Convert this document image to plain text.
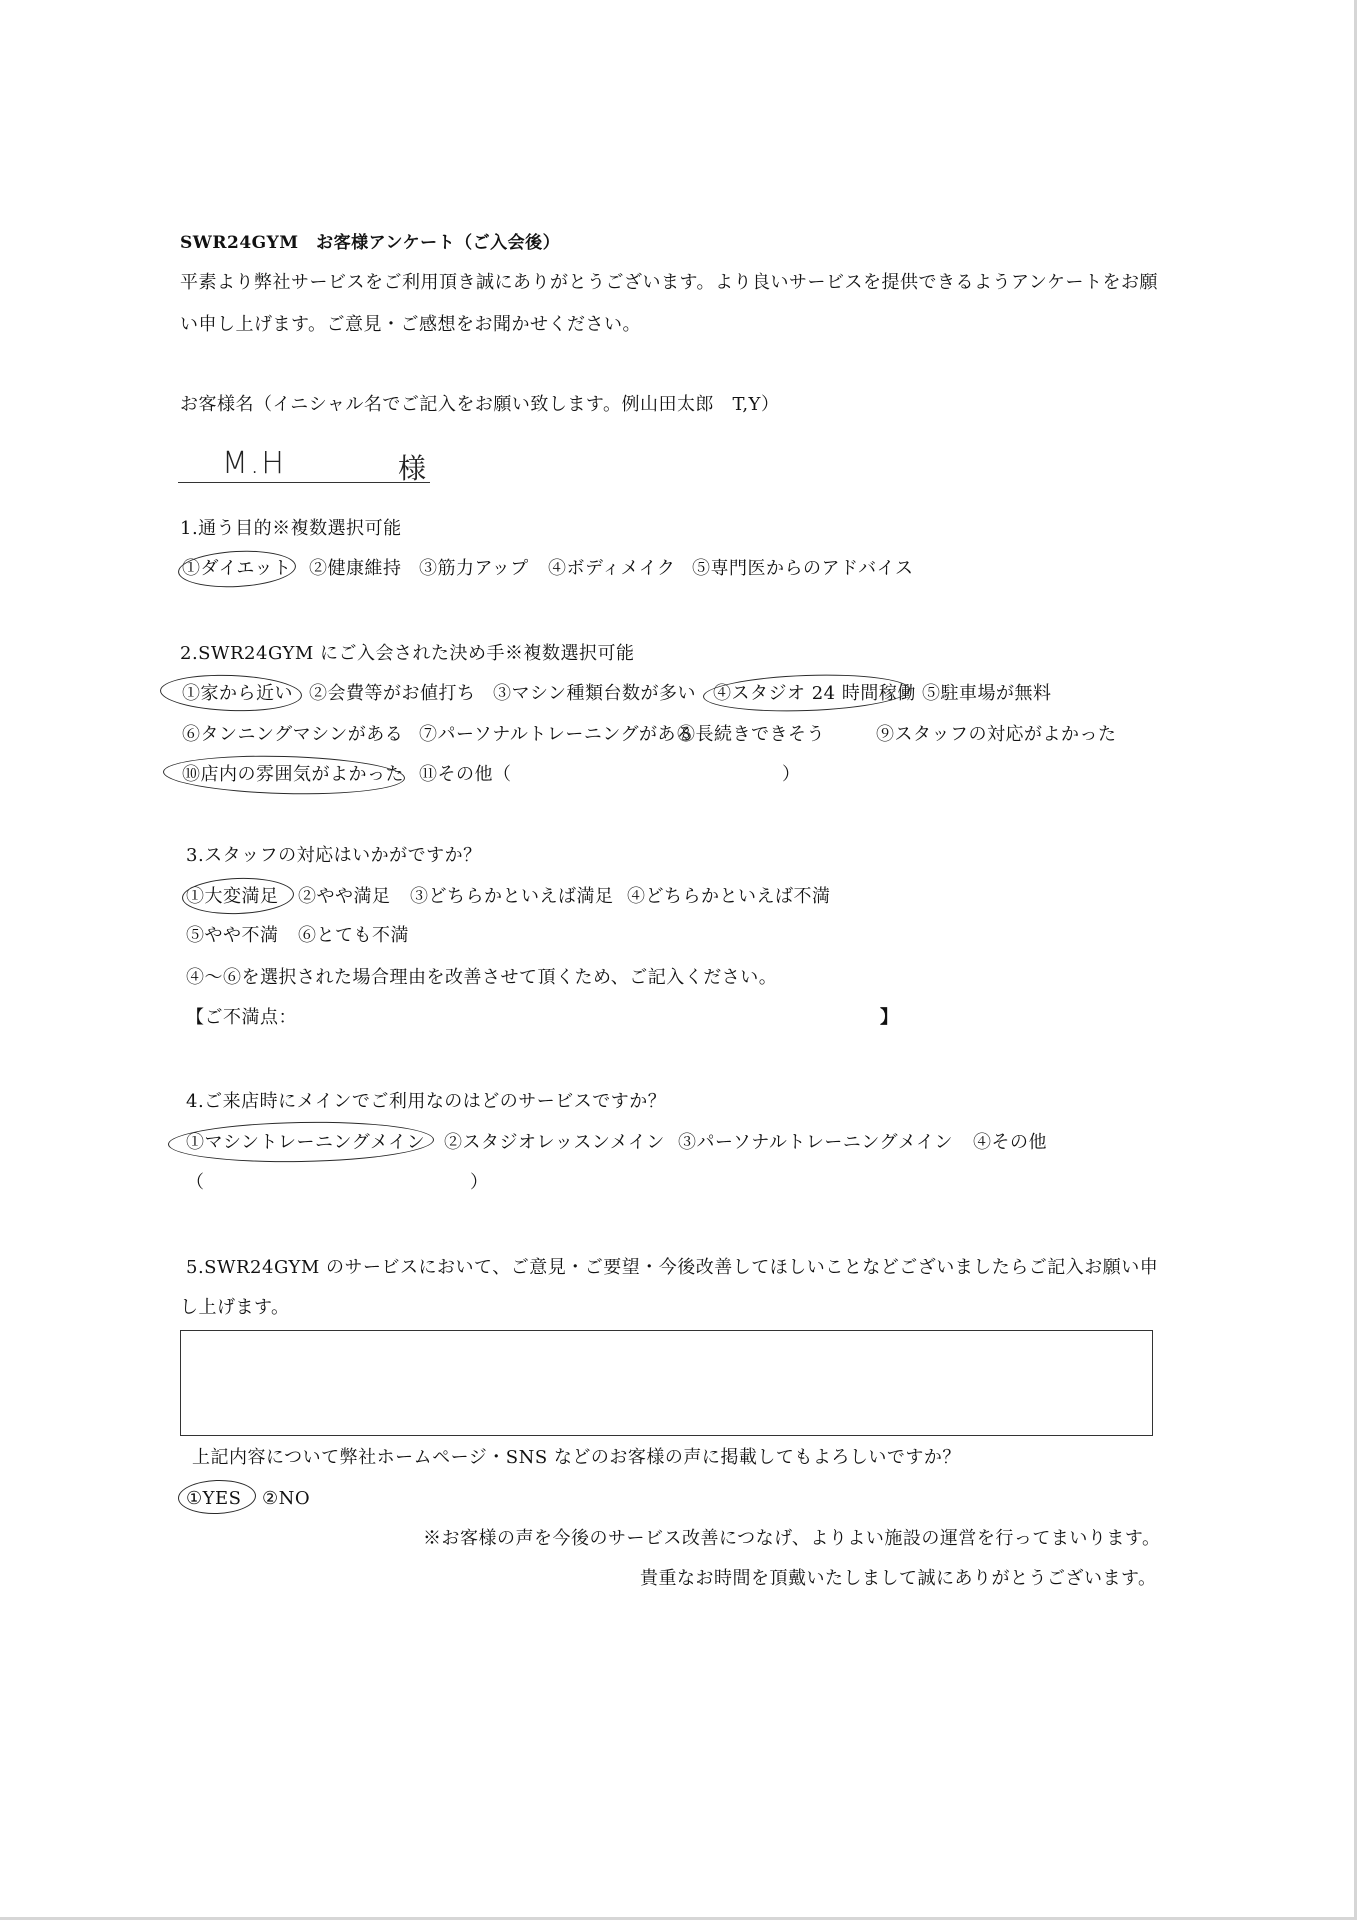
SWR24GYM　お客様アンケート（ご入会後）
平素より弊社サービスをご利用頂き誠にありがとうございます。より良いサービスを提供できるようアンケートをお願
い申し上げます。ご意見・ご感想をお聞かせください。
お客様名（イニシャル名でご記入をお願い致します。例山田太郎　T,Y）
M.H	様
1.通う目的※複数選択可能
①ダイエット ②健康維持 ③筋力アップ ④ボディメイク ⑤専門医からのアドバイス
2.SWR24GYM にご入会された決め手※複数選択可能
①家から近い ②会費等がお値打ち ③マシン種類台数が多い ④スタジオ 24 時間稼働 ⑤駐車場が無料
⑥タンニングマシンがある ⑦パーソナルトレーニングがある
⑧長続きできそう	⑨スタッフの対応がよかった
⑩店内の雰囲気がよかった ⑪その他（	）
3.スタッフの対応はいかがですか？
①大変満足 ②やや満足 ③どちらかといえば満足 ④どちらかといえば不満
⑤やや不満 ⑥とても不満
④～⑥を選択された場合理由を改善させて頂くため、ご記入ください。
【ご不満点：	】
4.ご来店時にメインでご利用なのはどのサービスですか？
①マシントレーニングメイン ②スタジオレッスンメイン ③パーソナルトレーニングメイン ④その他
（	）
5.SWR24GYM のサービスにおいて、ご意見・ご要望・今後改善してほしいことなどございましたらご記入お願い申
し上げます。
上記内容について弊社ホームページ・SNS などのお客様の声に掲載してもよろしいですか？
①YES ②NO
※お客様の声を今後のサービス改善につなげ、よりよい施設の運営を行ってまいります。
貴重なお時間を頂戴いたしまして誠にありがとうございます。
